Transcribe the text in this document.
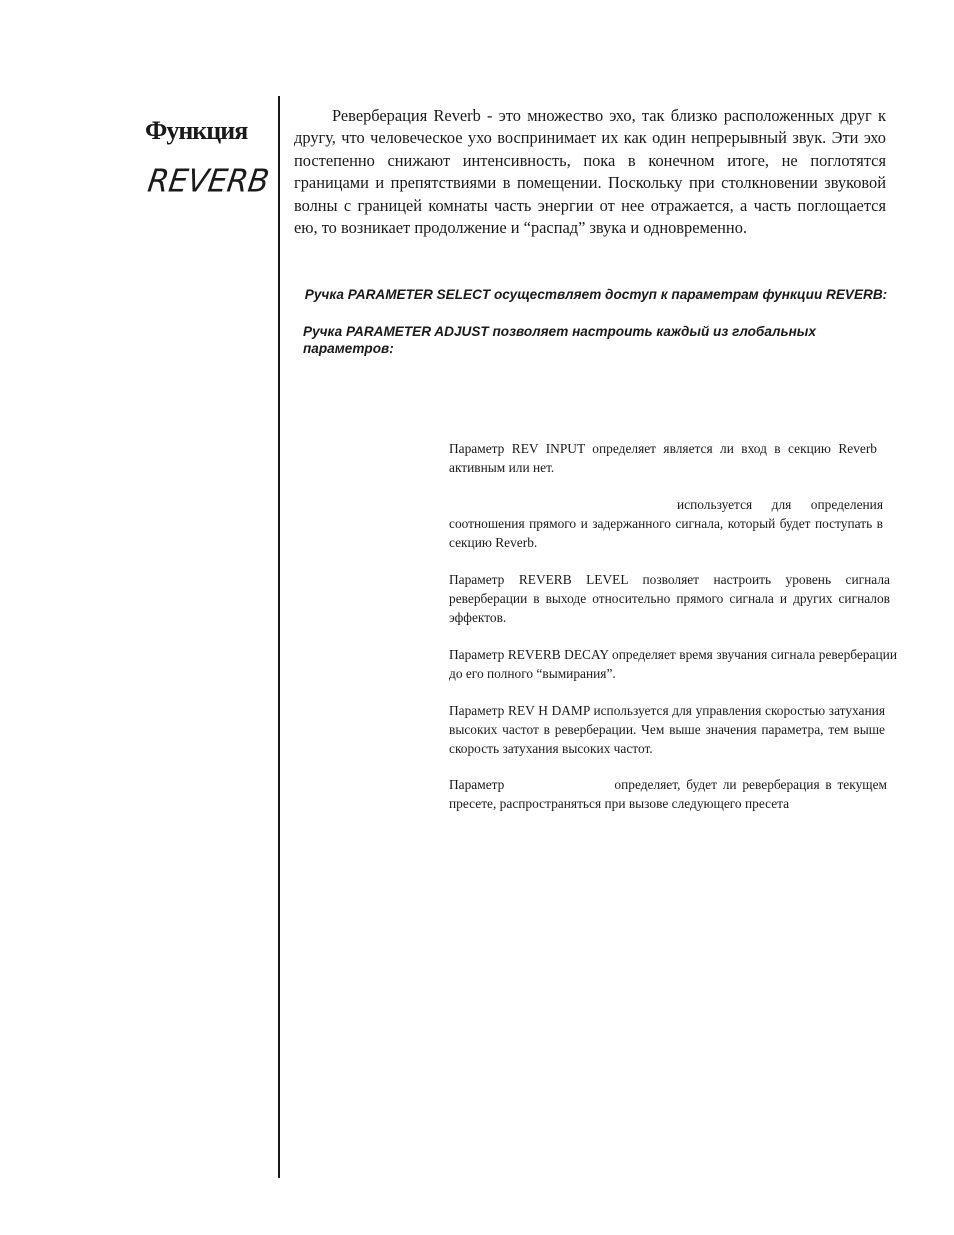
Функция
REVERB

Реверберация Reverb - это множество эхо, так близко расположенных друг к другу, что человеческое ухо воспринимает их как один непрерывный звук. Эти эхо постепенно снижают интенсивность, пока в конечном итоге, не поглотятся границами и препятствиями в помещении. Поскольку при столкновении звуковой волны с границей комнаты часть энергии от нее отражается, а часть поглощается ею, то возникает продолжение и “распад” звука и одновременно.

Ручка PARAMETER SELECT осуществляет доступ к параметрам функции REVERB:

Ручка PARAMETER ADJUST позволяет настроить каждый из глобальных параметров:

Параметр REV INPUT определяет является ли вход в секцию Reverb активным или нет.

используется для определения соотношения прямого и задержанного сигнала, который будет поступать в секцию Reverb.

Параметр REVERB LEVEL позволяет настроить уровень сигнала реверберации в выходе относительно прямого сигнала и других сигналов эффектов.

Параметр REVERB DECAY определяет время звучания сигнала реверберации до его полного “вымирания”.

Параметр REV H DAMP используется для управления скоростью затухания высоких частот в реверберации. Чем выше значения параметра, тем выше скорость затухания высоких частот.

Параметр	определяет, будет ли реверберация в текущем пресете, распространяться при вызове следующего пресета
